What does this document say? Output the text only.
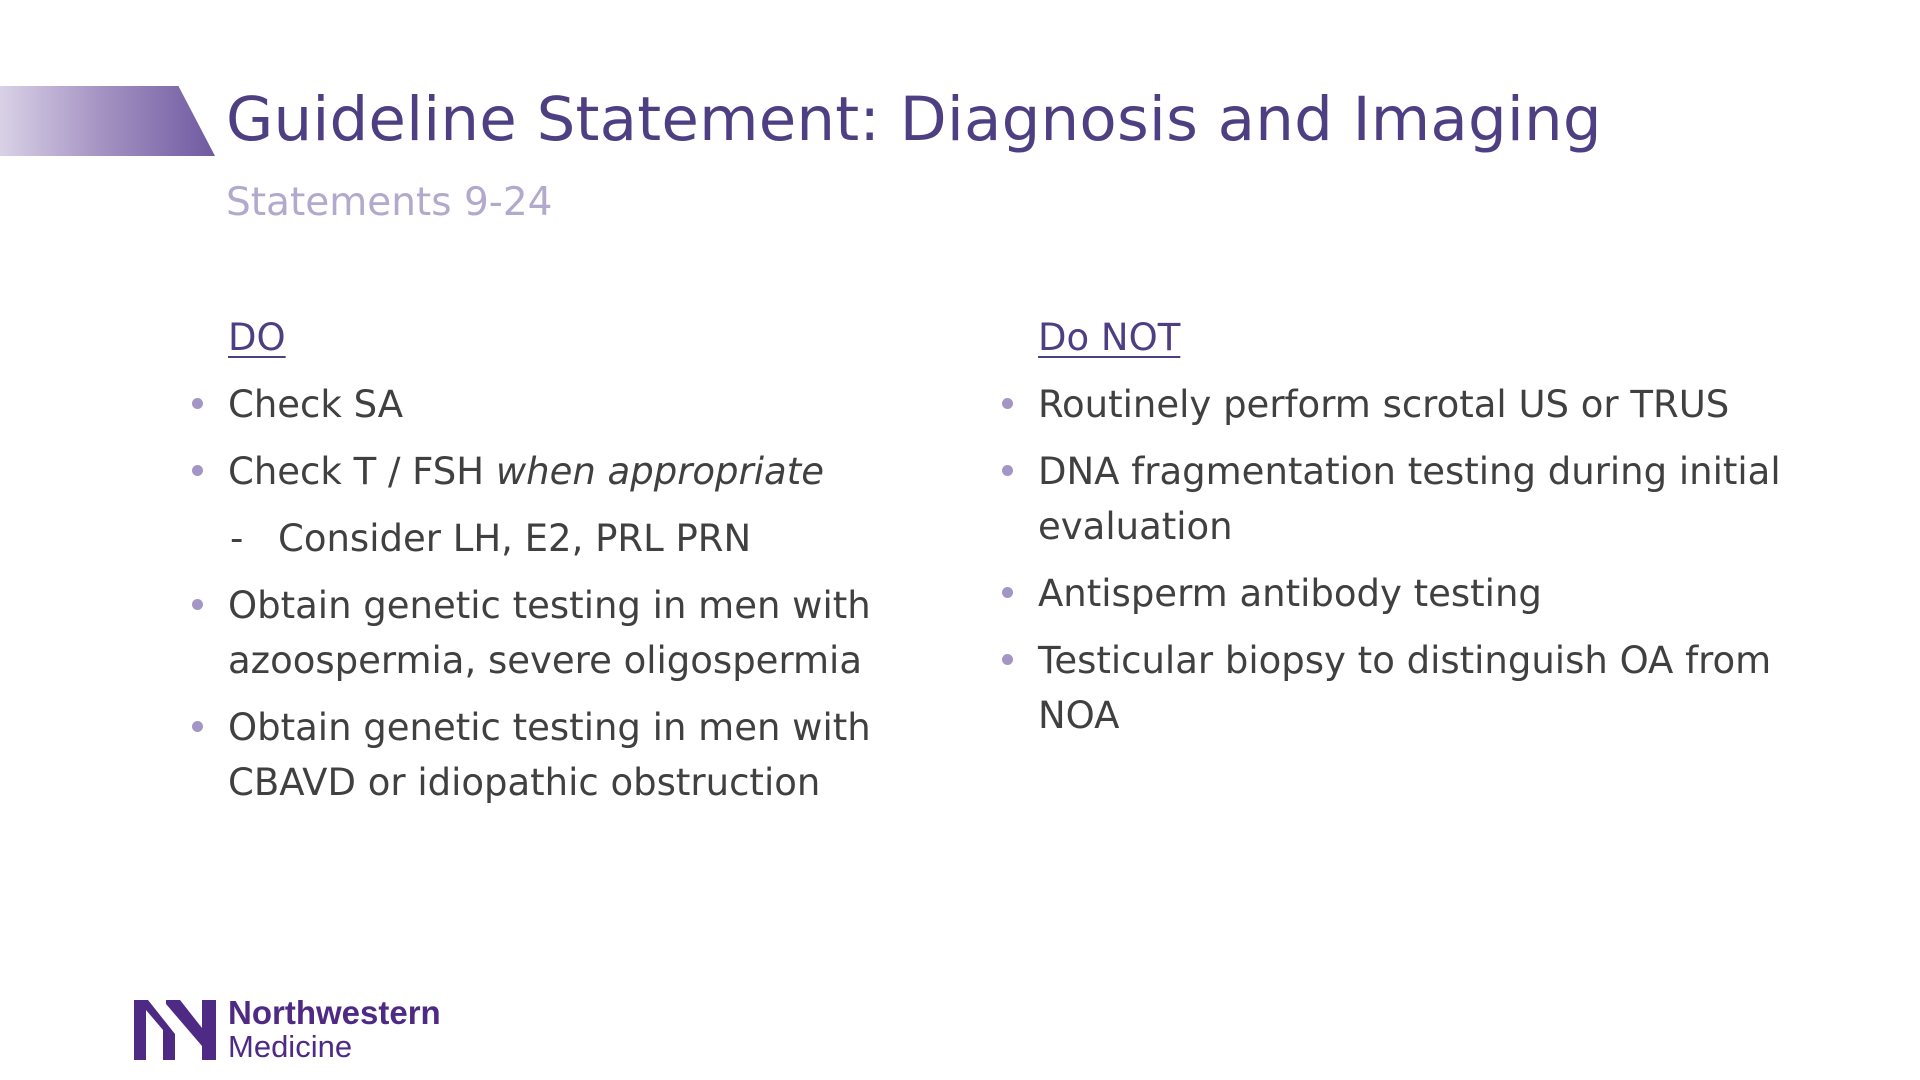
Guideline Statement: Diagnosis and Imaging
Statements 9-24
DO
Check SA
Check T / FSH when appropriate
- Consider LH, E2, PRL PRN
Obtain genetic testing in men with azoospermia, severe oligospermia
Obtain genetic testing in men with CBAVD or idiopathic obstruction
Do NOT
Routinely perform scrotal US or TRUS
DNA fragmentation testing during initial evaluation
Antisperm antibody testing
Testicular biopsy to distinguish OA from NOA
Northwestern
Medicine
